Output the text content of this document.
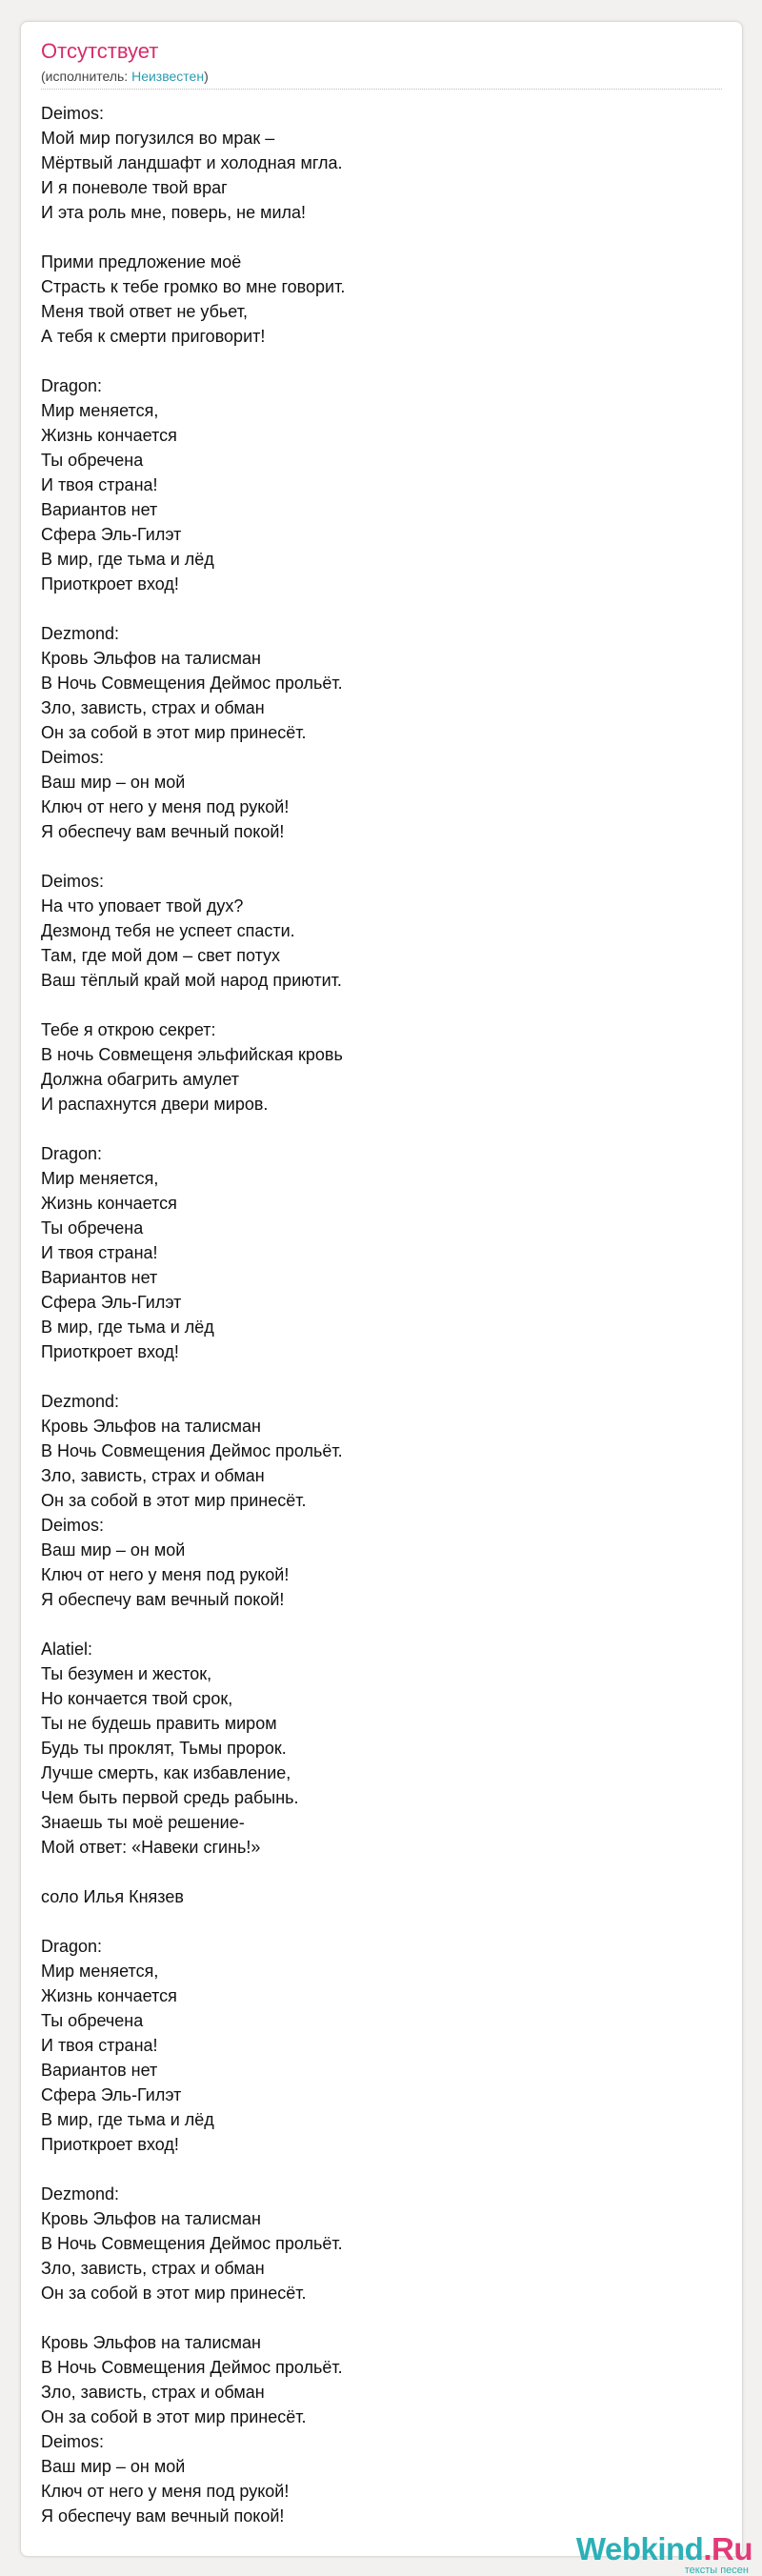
Отсутствует
(исполнитель: Неизвестен)
Deimos:
Мой мир погузился во мрак –
Мёртвый ландшафт и холодная мгла.
И я поневоле твой враг
И эта роль мне, поверь, не мила!

Прими предложение моё
Страсть к тебе громко во мне говорит.
Меня твой ответ не убьет,
А тебя к смерти приговорит!

Dragon:
Мир меняется,
Жизнь кончается
Ты обречена
И твоя страна!
Вариантов нет
Сфера Эль-Гилэт
В мир, где тьма и лёд
Приоткроет вход!

Dezmond:
Кровь Эльфов на талисман
В Ночь Совмещения Деймос прольёт.
Зло, зависть, страх и обман
Он за собой в этот мир принесёт.
Deimos:
Ваш мир – он мой
Ключ от него у меня под рукой!
Я обеспечу вам вечный покой!

Deimos:
На что уповает твой дух?
Дезмонд тебя не успеет спасти.
Там, где мой дом – свет потух
Ваш тёплый край мой народ приютит.

Тебе я открою секрет:
В ночь Совмещеня эльфийская кровь
Должна обагрить амулет
И распахнутся двери миров.

Dragon:
Мир меняется,
Жизнь кончается
Ты обречена
И твоя страна!
Вариантов нет
Сфера Эль-Гилэт
В мир, где тьма и лёд
Приоткроет вход!

Dezmond:
Кровь Эльфов на талисман
В Ночь Совмещения Деймос прольёт.
Зло, зависть, страх и обман
Он за собой в этот мир принесёт.
Deimos:
Ваш мир – он мой
Ключ от него у меня под рукой!
Я обеспечу вам вечный покой!

Alatiel:
Ты безумен и жесток,
Но кончается твой срок,
Ты не будешь править миром
Будь ты проклят, Тьмы пророк.
Лучше смерть, как избавление,
Чем быть первой средь рабынь.
Знаешь ты моё решение-
Мой ответ: «Навеки сгинь!»

соло Илья Князев

Dragon:
Мир меняется,
Жизнь кончается
Ты обречена
И твоя страна!
Вариантов нет
Сфера Эль-Гилэт
В мир, где тьма и лёд
Приоткроет вход!

Dezmond:
Кровь Эльфов на талисман
В Ночь Совмещения Деймос прольёт.
Зло, зависть, страх и обман
Он за собой в этот мир принесёт.

Кровь Эльфов на талисман
В Ночь Совмещения Деймос прольёт.
Зло, зависть, страх и обман
Он за собой в этот мир принесёт.
Deimos:
Ваш мир – он мой
Ключ от него у меня под рукой!
Я обеспечу вам вечный покой!
Webkind.Ru
тексты песен
